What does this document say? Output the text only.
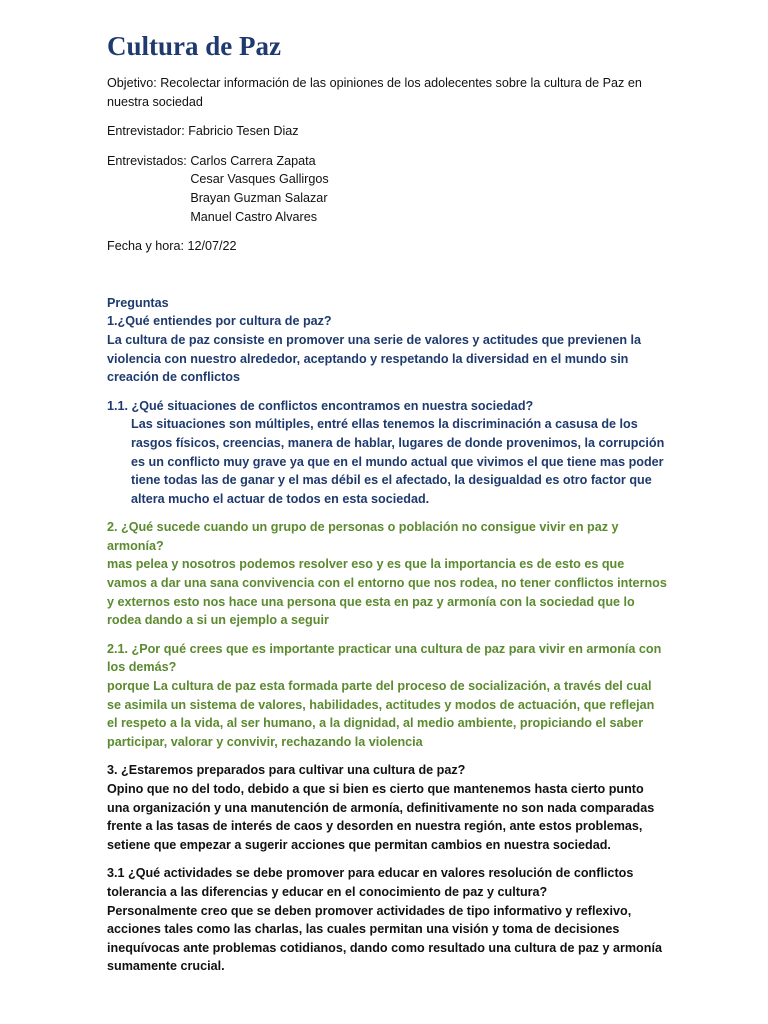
Cultura de Paz

Objetivo: Recolectar información de las opiniones de los adolecentes sobre la cultura de Paz en nuestra sociedad

Entrevistador: Fabricio Tesen Diaz

Entrevistados:
Carlos Carrera Zapata
Cesar Vasques Gallirgos
Brayan Guzman Salazar
Manuel Castro Alvares

Fecha y hora: 12/07/22

Preguntas

1.¿Qué entiendes por cultura de paz?

La cultura de paz consiste en promover una serie de valores y actitudes que previenen la violencia con nuestro alrededor, aceptando y respetando la diversidad en el mundo sin creación de conflictos

1.1. ¿Qué situaciones de conflictos encontramos en nuestra sociedad?

Las situaciones son múltiples, entré ellas tenemos la discriminación a casusa de los rasgos físicos, creencias, manera de hablar, lugares de donde provenimos, la corrupción es un conflicto muy grave ya que en el mundo actual que vivimos el que tiene mas poder tiene todas las de ganar y el mas débil es el afectado, la desigualdad es otro factor que altera mucho el actuar de todos en esta sociedad.

2. ¿Qué sucede cuando un grupo de personas o población no consigue vivir en paz y armonía?

mas pelea y nosotros podemos resolver eso y es que la importancia es de esto es que vamos a dar una sana convivencia con el entorno que nos rodea, no tener conflictos internos y externos esto nos hace una persona que esta en paz y armonía con la sociedad que lo rodea dando a si un ejemplo a seguir

2.1. ¿Por qué crees que es importante practicar una cultura de paz para vivir en armonía con los demás?

porque La cultura de paz esta formada parte del proceso de socialización, a través del cual se asimila un sistema de valores, habilidades, actitudes y modos de actuación, que reflejan el respeto a la vida, al ser humano, a la dignidad, al medio ambiente, propiciando el saber participar, valorar y convivir, rechazando la violencia

3. ¿Estaremos preparados para cultivar una cultura de paz?

Opino que no del todo, debido a que si bien es cierto que mantenemos hasta cierto punto una organización y una manutención de armonía, definitivamente no son nada comparadas frente a las tasas de interés de caos y desorden en nuestra región, ante estos problemas, setiene que empezar a sugerir acciones que permitan cambios en nuestra sociedad.

3.1 ¿Qué actividades se debe promover para educar en valores resolución de conflictos tolerancia a las diferencias y educar en el conocimiento de paz y cultura?

Personalmente creo que se deben promover actividades de tipo informativo y reflexivo, acciones tales como las charlas, las cuales permitan una visión y toma de decisiones inequívocas ante problemas cotidianos, dando como resultado una cultura de paz y armonía sumamente crucial.
